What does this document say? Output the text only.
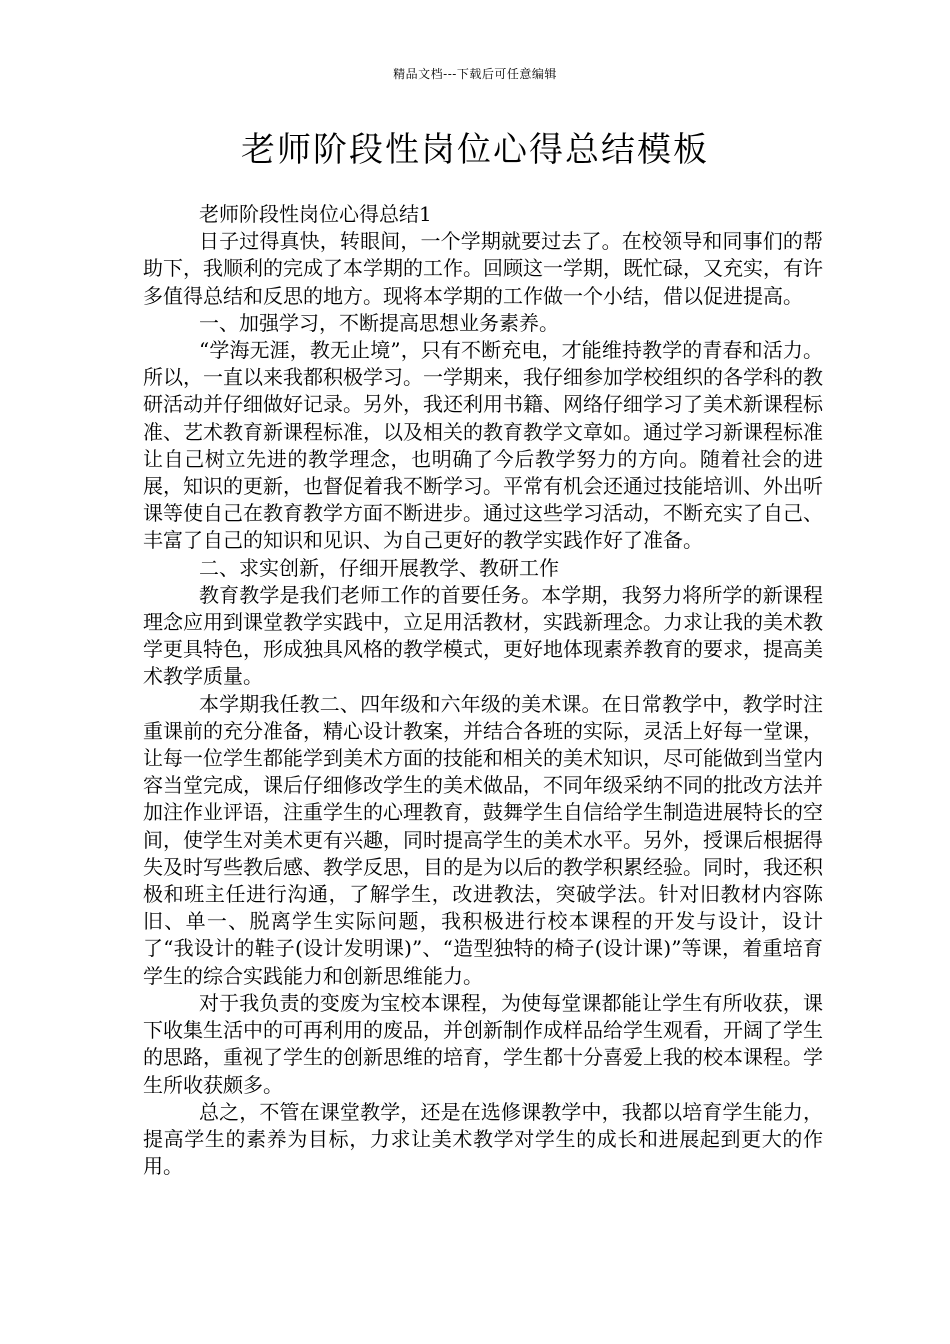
精品文档---下载后可任意编辑
老师阶段性岗位心得总结模板

老师阶段性岗位心得总结1

日子过得真快，转眼间，一个学期就要过去了。在校领导和同事们的帮助下，我顺利的完成了本学期的工作。回顾这一学期，既忙碌，又充实，有许多值得总结和反思的地方。现将本学期的工作做一个小结，借以促进提高。

一、加强学习，不断提高思想业务素养。

“学海无涯，教无止境”，只有不断充电，才能维持教学的青春和活力。所以，一直以来我都积极学习。一学期来，我仔细参加学校组织的各学科的教研活动并仔细做好记录。另外，我还利用书籍、网络仔细学习了美术新课程标准、艺术教育新课程标准，以及相关的教育教学文章如。通过学习新课程标准让自己树立先进的教学理念，也明确了今后教学努力的方向。随着社会的进展，知识的更新，也督促着我不断学习。平常有机会还通过技能培训、外出听课等使自己在教育教学方面不断进步。通过这些学习活动，不断充实了自己、丰富了自己的知识和见识、为自己更好的教学实践作好了准备。

二、求实创新，仔细开展教学、教研工作

教育教学是我们老师工作的首要任务。本学期，我努力将所学的新课程理念应用到课堂教学实践中，立足用活教材，实践新理念。力求让我的美术教学更具特色，形成独具风格的教学模式，更好地体现素养教育的要求，提高美术教学质量。

本学期我任教二、四年级和六年级的美术课。在日常教学中，教学时注重课前的充分准备，精心设计教案，并结合各班的实际，灵活上好每一堂课，让每一位学生都能学到美术方面的技能和相关的美术知识，尽可能做到当堂内容当堂完成，课后仔细修改学生的美术做品，不同年级采纳不同的批改方法并加注作业评语，注重学生的心理教育，鼓舞学生自信给学生制造进展特长的空间，使学生对美术更有兴趣，同时提高学生的美术水平。另外，授课后根据得失及时写些教后感、教学反思，目的是为以后的教学积累经验。同时，我还积极和班主任进行沟通，了解学生，改进教法，突破学法。针对旧教材内容陈旧、单一、脱离学生实际问题，我积极进行校本课程的开发与设计，设计了“我设计的鞋子(设计发明课)”、“造型独特的椅子(设计课)”等课，着重培育学生的综合实践能力和创新思维能力。

对于我负责的变废为宝校本课程，为使每堂课都能让学生有所收获，课下收集生活中的可再利用的废品，并创新制作成样品给学生观看，开阔了学生的思路，重视了学生的创新思维的培育，学生都十分喜爱上我的校本课程。学生所收获颇多。

总之，不管在课堂教学，还是在选修课教学中，我都以培育学生能力，提高学生的素养为目标，力求让美术教学对学生的成长和进展起到更大的作用。
